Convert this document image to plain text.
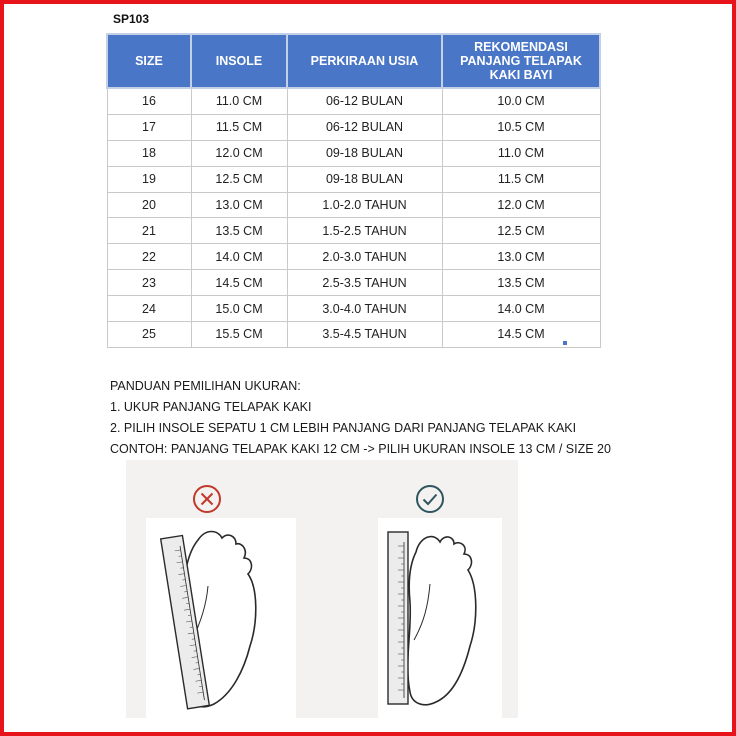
SP103
SIZE	INSOLE	PERKIRAAN USIA	REKOMENDASI PANJANG TELAPAK KAKI BAYI
16	11.0 CM	06-12 BULAN	10.0 CM
17	11.5 CM	06-12 BULAN	10.5 CM
18	12.0 CM	09-18 BULAN	11.0 CM
19	12.5 CM	09-18 BULAN	11.5 CM
20	13.0 CM	1.0-2.0 TAHUN	12.0 CM
21	13.5 CM	1.5-2.5 TAHUN	12.5 CM
22	14.0 CM	2.0-3.0 TAHUN	13.0 CM
23	14.5 CM	2.5-3.5 TAHUN	13.5 CM
24	15.0 CM	3.0-4.0 TAHUN	14.0 CM
25	15.5 CM	3.5-4.5 TAHUN	14.5 CM
PANDUAN PEMILIHAN UKURAN:
1. UKUR PANJANG TELAPAK KAKI
2. PILIH INSOLE SEPATU 1 CM LEBIH PANJANG DARI PANJANG TELAPAK KAKI
CONTOH: PANJANG TELAPAK KAKI 12 CM -> PILIH UKURAN INSOLE 13 CM / SIZE 20
